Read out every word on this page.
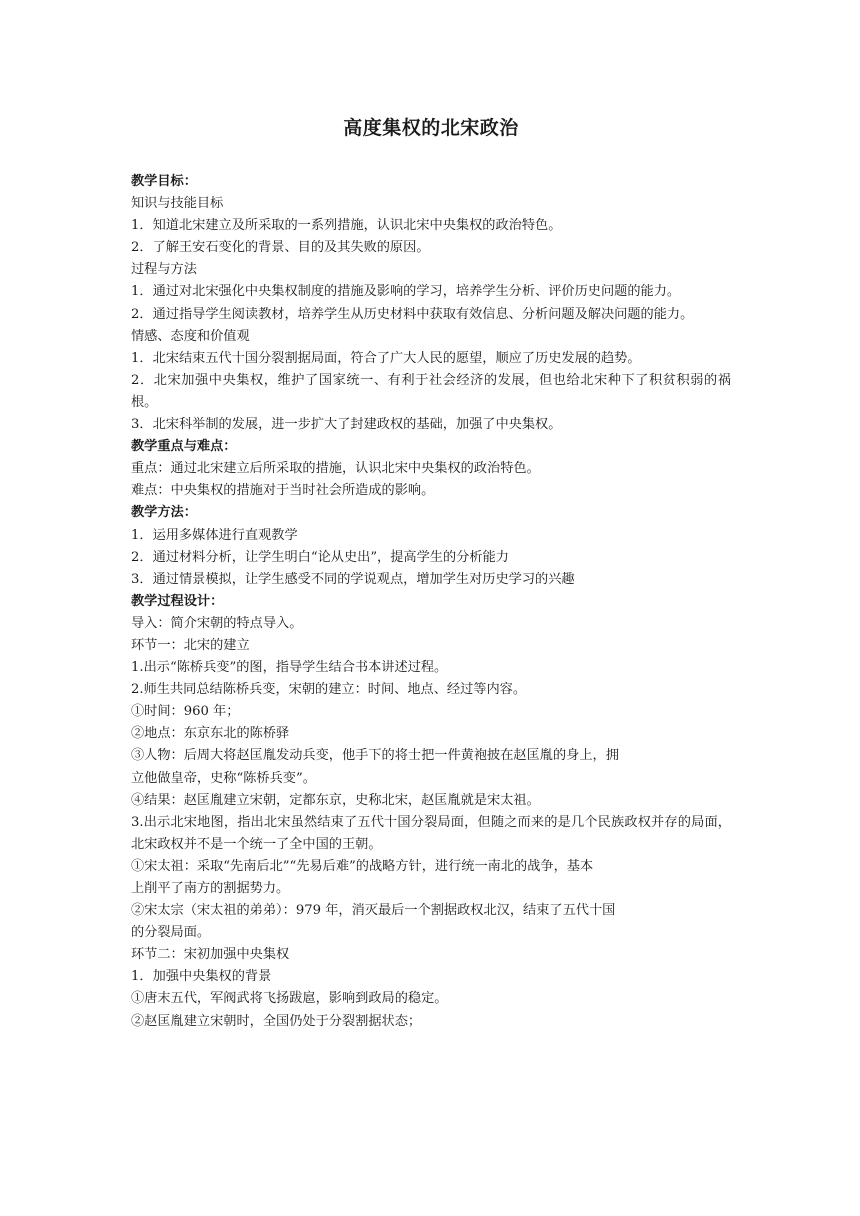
高度集权的北宋政治

教学目标：

知识与技能目标

1．知道北宋建立及所采取的一系列措施，认识北宋中央集权的政治特色。

2．了解王安石变化的背景、目的及其失败的原因。

过程与方法

1．通过对北宋强化中央集权制度的措施及影响的学习，培养学生分析、评价历史问题的能力。

2．通过指导学生阅读教材，培养学生从历史材料中获取有效信息、分析问题及解决问题的能力。

情感、态度和价值观

1．北宋结束五代十国分裂割据局面，符合了广大人民的愿望，顺应了历史发展的趋势。

2．北宋加强中央集权，维护了国家统一、有利于社会经济的发展，但也给北宋种下了积贫积弱的祸根。

3．北宋科举制的发展，进一步扩大了封建政权的基础，加强了中央集权。

教学重点与难点：

重点：通过北宋建立后所采取的措施，认识北宋中央集权的政治特色。

难点：中央集权的措施对于当时社会所造成的影响。

教学方法：

1．运用多媒体进行直观教学

2．通过材料分析，让学生明白“论从史出”，提高学生的分析能力

3．通过情景模拟，让学生感受不同的学说观点，增加学生对历史学习的兴趣

教学过程设计：

导入：简介宋朝的特点导入。

环节一：北宋的建立

1.出示“陈桥兵变”的图，指导学生结合书本讲述过程。

2.师生共同总结陈桥兵变，宋朝的建立：时间、地点、经过等内容。

①时间：960 年；

②地点：东京东北的陈桥驿

③人物：后周大将赵匡胤发动兵变，他手下的将士把一件黄袍披在赵匡胤的身上，拥

立他做皇帝，史称“陈桥兵变”。

④结果：赵匡胤建立宋朝，定都东京，史称北宋，赵匡胤就是宋太祖。

3.出示北宋地图，指出北宋虽然结束了五代十国分裂局面，但随之而来的是几个民族政权并存的局面，北宋政权并不是一个统一了全中国的王朝。

①宋太祖：采取“先南后北”“先易后难”的战略方针，进行统一南北的战争，基本

上削平了南方的割据势力。

②宋太宗（宋太祖的弟弟）：979 年，消灭最后一个割据政权北汉，结束了五代十国

的分裂局面。

环节二：宋初加强中央集权

1．加强中央集权的背景

①唐末五代，军阀武将飞扬跋扈，影响到政局的稳定。

②赵匡胤建立宋朝时，全国仍处于分裂割据状态；
